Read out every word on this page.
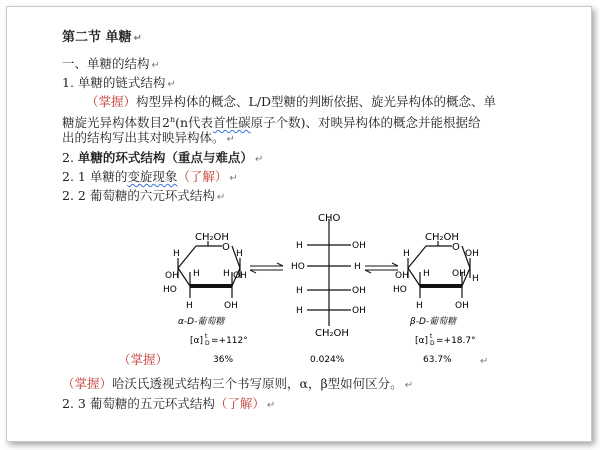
第二节 单糖 ↵
一、单糖的结构 ↵
1. 单糖的链式结构 ↵
（掌握）构型异构体的概念、L/D型糖的判断依据、旋光异构体的概念、单
糖旋光异构体数目2$^n$(n代表首性碳原子个数)、对映异构体的概念并能根据给
出的结构写出其对映异构体。 ↵
2. 单糖的环式结构（重点与难点） ↵
2. 1 单糖的变旋现象（了解） ↵
2. 2 葡萄糖的六元环式结构 ↵
（掌握）	↵
CH₂OH
O
H	H
OH	OH
H	H
HO
OH
H
α-D-葡萄糖
[α] D
t =+112°
36%
CHO
H	OH
HO	H
H	OH
H	OH
CH₂OH
0.024%
CH₂OH
O
H	OH
OH	H
H OH
HO
H	OH
β-D-葡萄糖
[α] D
t =+18.7°
63.7%
（掌握）哈沃氏透视式结构三个书写原则，α，β型如何区分。 ↵
2. 3 葡萄糖的五元环式结构（了解） ↵
